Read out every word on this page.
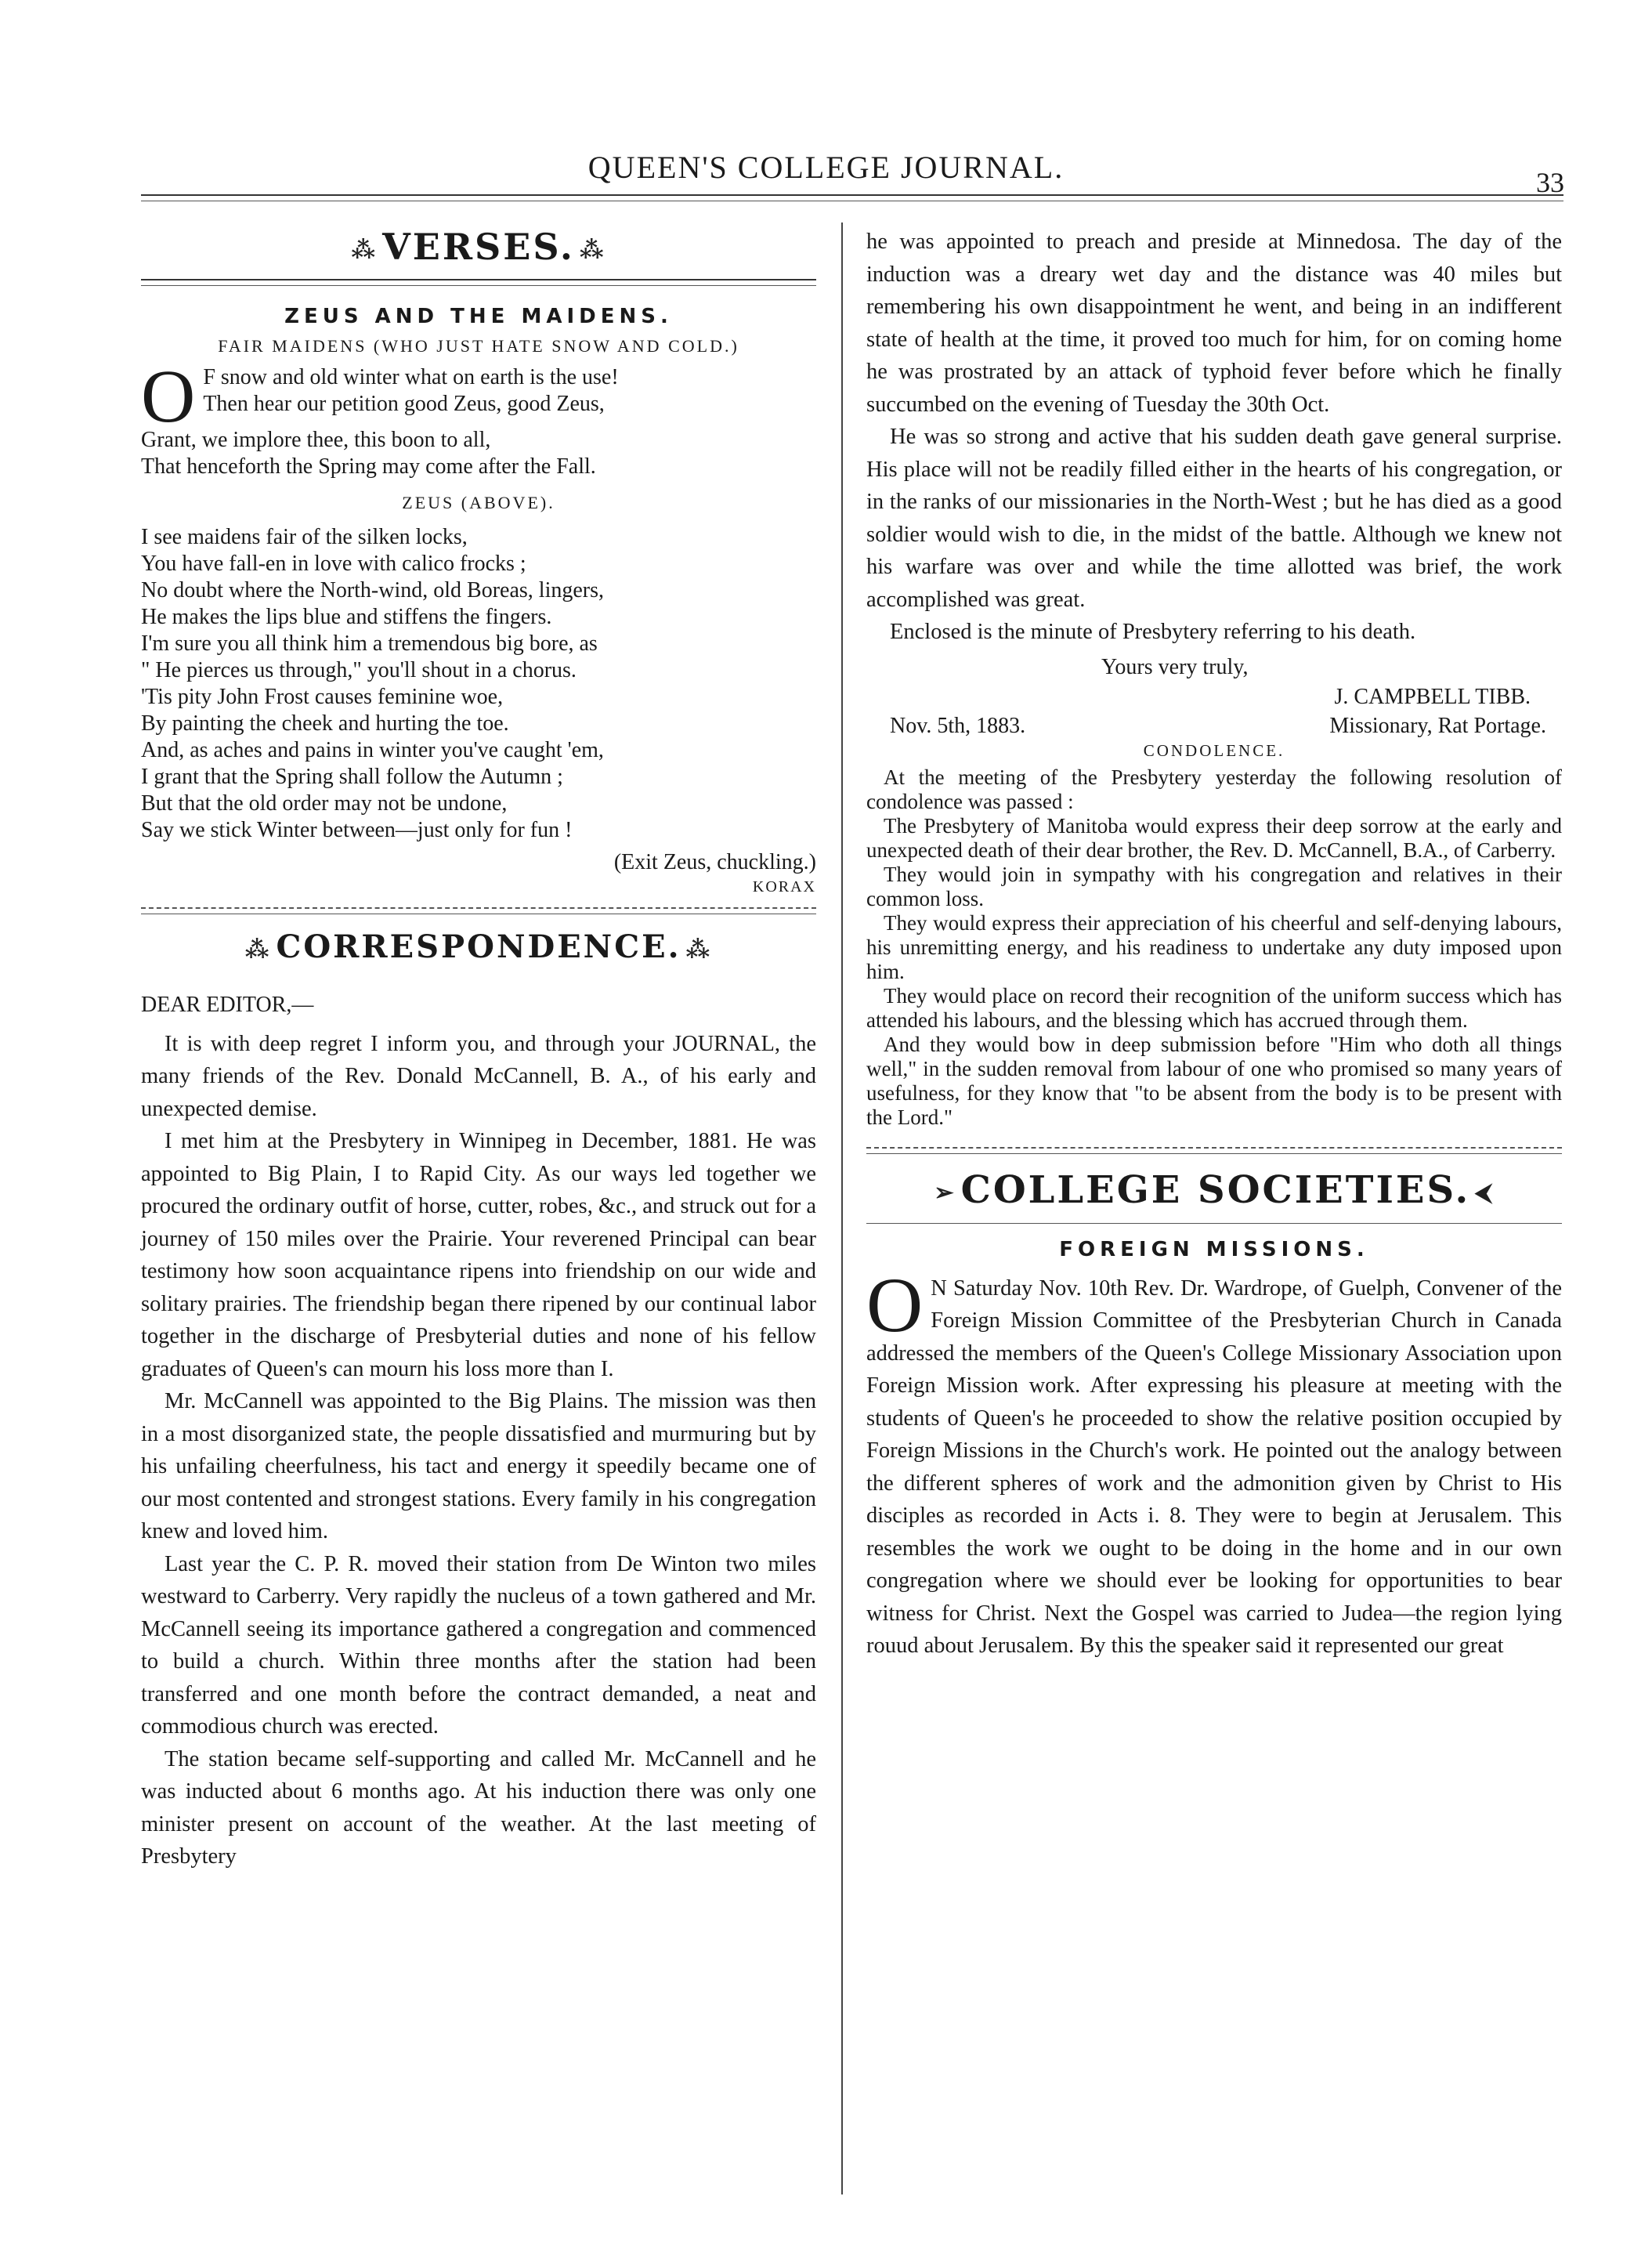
QUEEN'S COLLEGE JOURNAL.	33
⁂ VERSES. ⁂
ZEUS AND THE MAIDENS.
FAIR MAIDENS (WHO JUST HATE SNOW AND COLD.)
O F snow and old winter what on earth is the use!
Then hear our petition good Zeus, good Zeus,
Grant, we implore thee, this boon to all,
That henceforth the Spring may come after the Fall.
ZEUS (ABOVE).
I see maidens fair of the silken locks,
You have fall-en in love with calico frocks ;
No doubt where the North-wind, old Boreas, lingers,
He makes the lips blue and stiffens the fingers.
I'm sure you all think him a tremendous big bore, as
" He pierces us through," you'll shout in a chorus.
'Tis pity John Frost causes feminine woe,
By painting the cheek and hurting the toe.
And, as aches and pains in winter you've caught 'em,
I grant that the Spring shall follow the Autumn ;
But that the old order may not be undone,
Say we stick Winter between—just only for fun !
(Exit Zeus, chuckling.)
KORAX
⁂ CORRESPONDENCE. ⁂
DEAR EDITOR,—

It is with deep regret I inform you, and through your JOURNAL, the many friends of the Rev. Donald McCannell, B. A., of his early and unexpected demise.

I met him at the Presbytery in Winnipeg in December, 1881. He was appointed to Big Plain, I to Rapid City. As our ways led together we procured the ordinary outfit of horse, cutter, robes, &c., and struck out for a journey of 150 miles over the Prairie. Your reverened Principal can bear testimony how soon acquaintance ripens into friendship on our wide and solitary prairies. The friendship began there ripened by our continual labor together in the discharge of Presbyterial duties and none of his fellow graduates of Queen's can mourn his loss more than I.

Mr. McCannell was appointed to the Big Plains. The mission was then in a most disorganized state, the people dissatisfied and murmuring but by his unfailing cheerfulness, his tact and energy it speedily became one of our most contented and strongest stations. Every family in his congregation knew and loved him.

Last year the C. P. R. moved their station from De Winton two miles westward to Carberry. Very rapidly the nucleus of a town gathered and Mr. McCannell seeing its importance gathered a congregation and commenced to build a church. Within three months after the station had been transferred and one month before the contract demanded, a neat and commodious church was erected.

The station became self-supporting and called Mr. McCannell and he was inducted about 6 months ago. At his induction there was only one minister present on account of the weather. At the last meeting of Presbytery

he was appointed to preach and preside at Minnedosa. The day of the induction was a dreary wet day and the distance was 40 miles but remembering his own disappointment he went, and being in an indifferent state of health at the time, it proved too much for him, for on coming home he was prostrated by an attack of typhoid fever before which he finally succumbed on the evening of Tuesday the 30th Oct.

He was so strong and active that his sudden death gave general surprise. His place will not be readily filled either in the hearts of his congregation, or in the ranks of our missionaries in the North-West ; but he has died as a good soldier would wish to die, in the midst of the battle. Although we knew not his warfare was over and while the time allotted was brief, the work accomplished was great.

Enclosed is the minute of Presbytery referring to his death.

Yours very truly,
J. CAMPBELL TIBB.
Nov. 5th, 1883.	Missionary, Rat Portage.
CONDOLENCE.

At the meeting of the Presbytery yesterday the following resolution of condolence was passed :

The Presbytery of Manitoba would express their deep sorrow at the early and unexpected death of their dear brother, the Rev. D. McCannell, B.A., of Carberry.

They would join in sympathy with his congregation and relatives in their common loss.

They would express their appreciation of his cheerful and self-denying labours, his unremitting energy, and his readiness to undertake any duty imposed upon him.

They would place on record their recognition of the uniform success which has attended his labours, and the blessing which has accrued through them.

And they would bow in deep submission before "Him who doth all things well," in the sudden removal from labour of one who promised so many years of usefulness, for they know that "to be absent from the body is to be present with the Lord."

➢ COLLEGE SOCIETIES. ⮜
FOREIGN MISSIONS.
O N Saturday Nov. 10th Rev. Dr. Wardrope, of Guelph, Convener of the Foreign Mission Committee of the Presbyterian Church in Canada addressed the members of the Queen's College Missionary Association upon Foreign Mission work. After expressing his pleasure at meeting with the students of Queen's he proceeded to show the relative position occupied by Foreign Missions in the Church's work. He pointed out the analogy between the different spheres of work and the admonition given by Christ to His disciples as recorded in Acts i. 8. They were to begin at Jerusalem. This resembles the work we ought to be doing in the home and in our own congregation where we should ever be looking for opportunities to bear witness for Christ. Next the Gospel was carried to Judea—the region lying rouud about Jerusalem. By this the speaker said it represented our great
